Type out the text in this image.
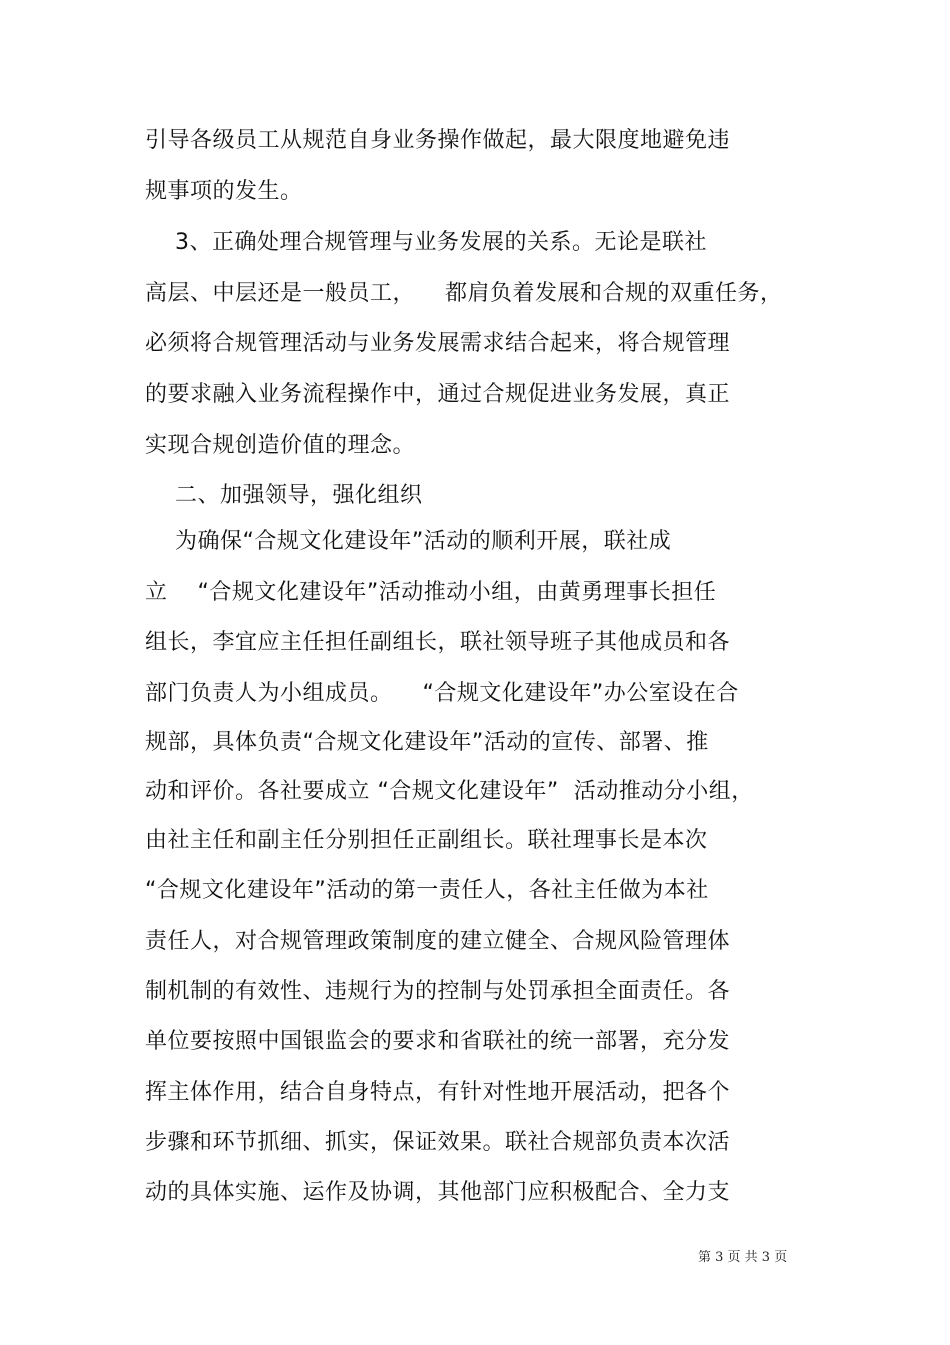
引导各级员工从规范自身业务操作做起，最大限度地避免违
规事项的发生。
3、正确处理合规管理与业务发展的关系。无论是联社
高层、中层还是一般员工，    都肩负着发展和合规的双重任务，
必须将合规管理活动与业务发展需求结合起来，将合规管理
的要求融入业务流程操作中，通过合规促进业务发展，真正
实现合规创造价值的理念。
二、加强领导，强化组织
为确保“合规文化建设年”活动的顺利开展，联社成
立    “合规文化建设年”活动推动小组，由黄勇理事长担任
组长，李宜应主任担任副组长，联社领导班子其他成员和各
部门负责人为小组成员。    “合规文化建设年”办公室设在合
规部，具体负责“合规文化建设年”活动的宣传、部署、推
动和评价。各社要成立 “合规文化建设年”  活动推动分小组，
由社主任和副主任分别担任正副组长。联社理事长是本次
“合规文化建设年”活动的第一责任人，各社主任做为本社
责任人，对合规管理政策制度的建立健全、合规风险管理体
制机制的有效性、违规行为的控制与处罚承担全面责任。各
单位要按照中国银监会的要求和省联社的统一部署，充分发
挥主体作用，结合自身特点，有针对性地开展活动，把各个
步骤和环节抓细、抓实，保证效果。联社合规部负责本次活
动的具体实施、运作及协调，其他部门应积极配合、全力支
第 3 页 共 3 页
